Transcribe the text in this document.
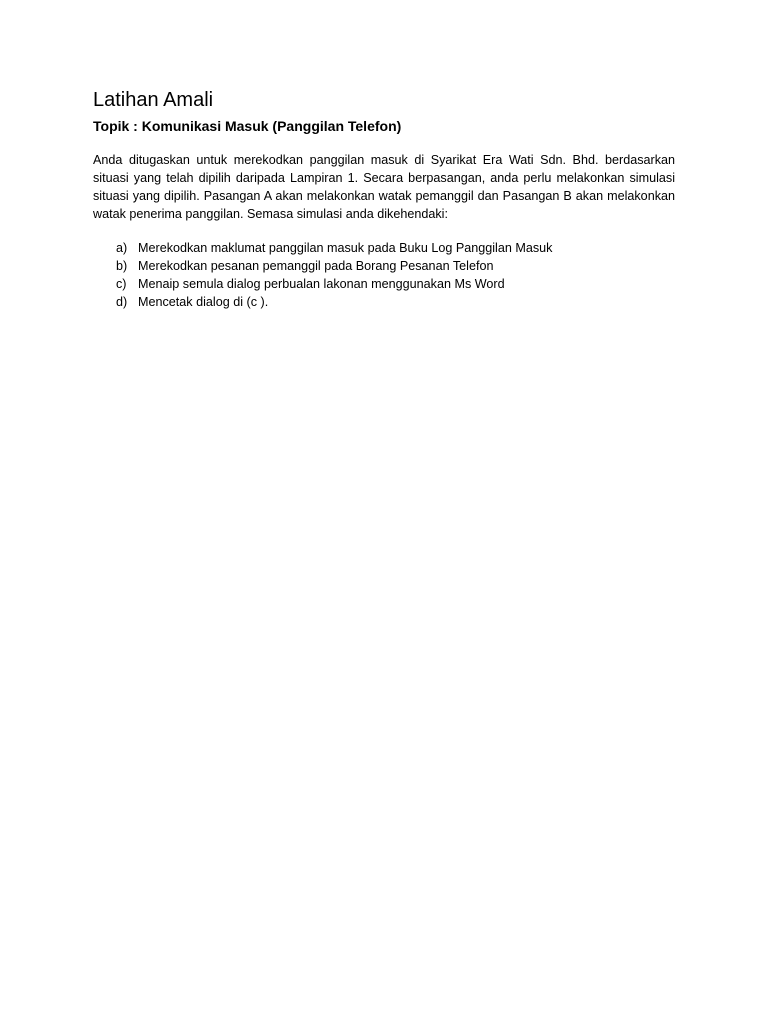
Latihan Amali
Topik : Komunikasi Masuk (Panggilan Telefon)

Anda ditugaskan untuk merekodkan panggilan masuk di Syarikat Era Wati Sdn. Bhd. berdasarkan situasi yang telah dipilih daripada Lampiran 1. Secara berpasangan, anda perlu melakonkan simulasi situasi yang dipilih. Pasangan A akan melakonkan watak pemanggil dan Pasangan B akan melakonkan watak penerima panggilan. Semasa simulasi anda dikehendaki:

a) Merekodkan maklumat panggilan masuk pada Buku Log Panggilan Masuk
b) Merekodkan pesanan pemanggil pada Borang Pesanan Telefon
c) Menaip semula dialog perbualan lakonan menggunakan Ms Word
d) Mencetak dialog di (c ).
